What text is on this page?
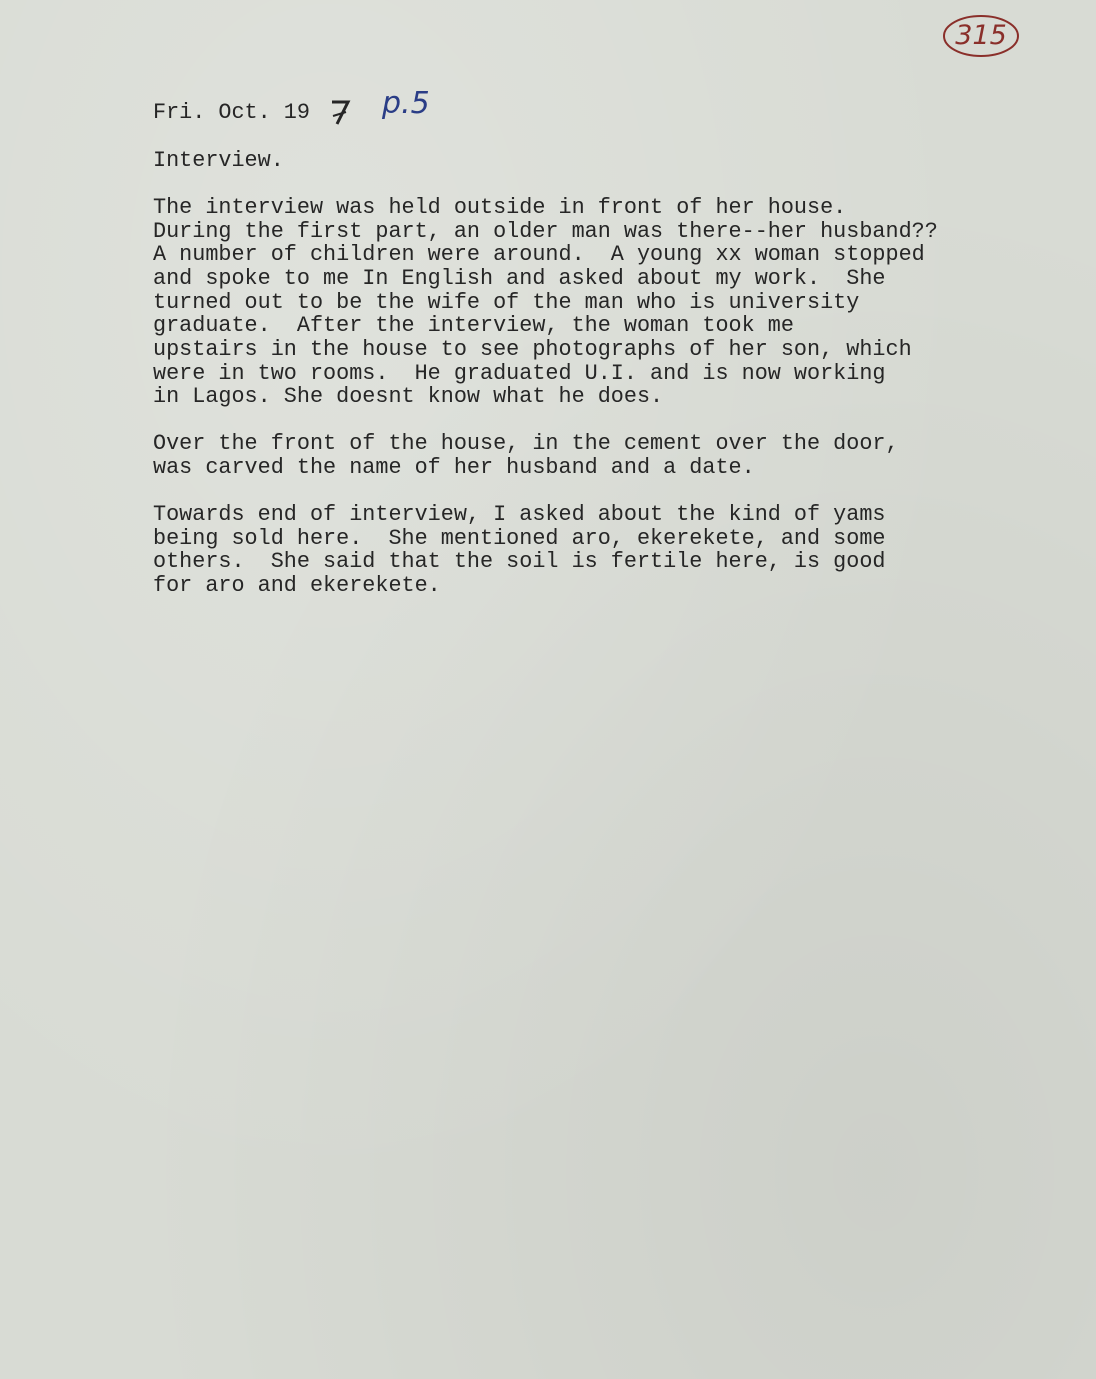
315
Fri. Oct. 19 p.5
Interview.
The interview was held outside in front of her house.
During the first part, an older man was there--her husband??
A number of children were around.  A young xx woman stopped
and spoke to me In English and asked about my work.  She
turned out to be the wife of the man who is university
graduate.  After the interview, the woman took me
upstairs in the house to see photographs of her son, which
were in two rooms.  He graduated U.I. and is now working
in Lagos. She doesnt know what he does.
Over the front of the house, in the cement over the door,
was carved the name of her husband and a date.
Towards end of interview, I asked about the kind of yams
being sold here.  She mentioned aro, ekerekete, and some
others.  She said that the soil is fertile here, is good
for aro and ekerekete.
